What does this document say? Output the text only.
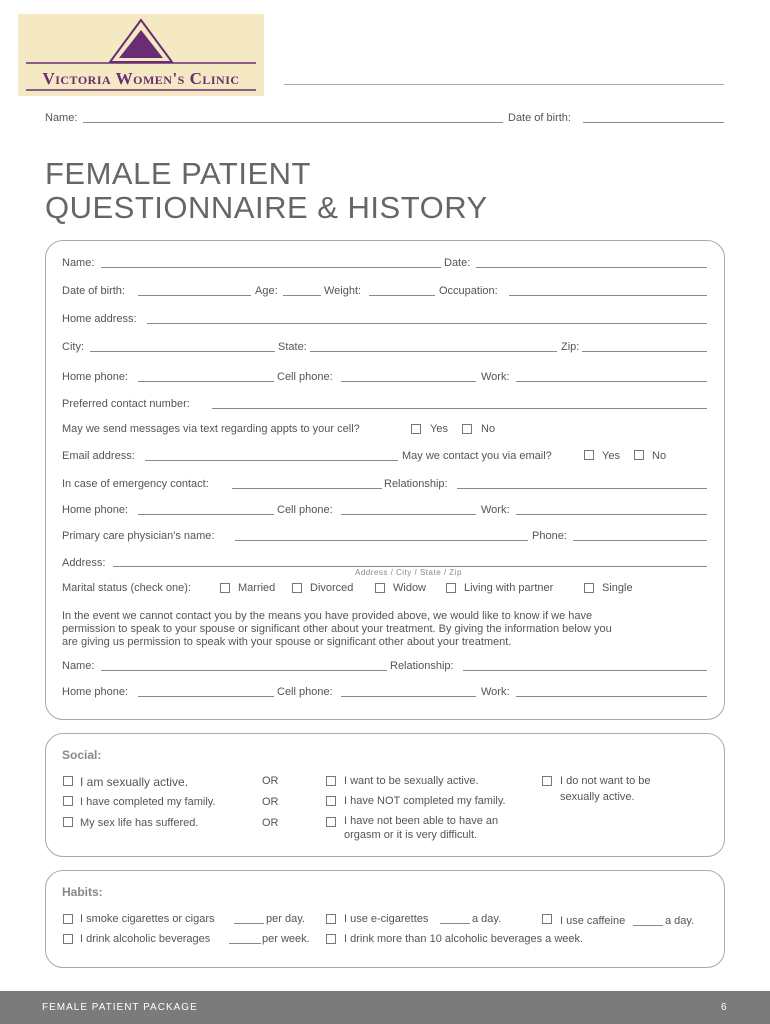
Victoria Women's Clinic
Name:	Date of birth:
FEMALE PATIENT
QUESTIONNAIRE & HISTORY
Name:	Date:
Date of birth:	Age:	Weight:	Occupation:
Home address:
City:	State:	Zip:
Home phone:	Cell phone:	Work:
Preferred contact number:
May we send messages via text regarding appts to your cell?	Yes	No
Email address:	May we contact you via email?	Yes	No
In case of emergency contact:	Relationship:
Home phone:	Cell phone:	Work:
Primary care physician's name:	Phone:
Address:
Address / City / State / Zip
Marital status (check one):	Married	Divorced	Widow	Living with partner	Single
In the event we cannot contact you by the means you have provided above, we would like to know if we have
permission to speak to your spouse or significant other about your treatment. By giving the information below you
are giving us permission to speak with your spouse or significant other about your treatment.
Name:	Relationship:
Home phone:	Cell phone:	Work:
Social:
I am sexually active.	OR	I want to be sexually active.	I do not want to be
sexually active.
I have completed my family.	OR	I have NOT completed my family.
My sex life has suffered.	OR	I have not been able to have an
orgasm or it is very difficult.
Habits:
I smoke cigarettes or cigars	per day.	I use e-cigarettes	a day.	I use caffeine	a day.
I drink alcoholic beverages	per week.	I drink more than 10 alcoholic beverages a week.
FEMALE PATIENT PACKAGE	6
